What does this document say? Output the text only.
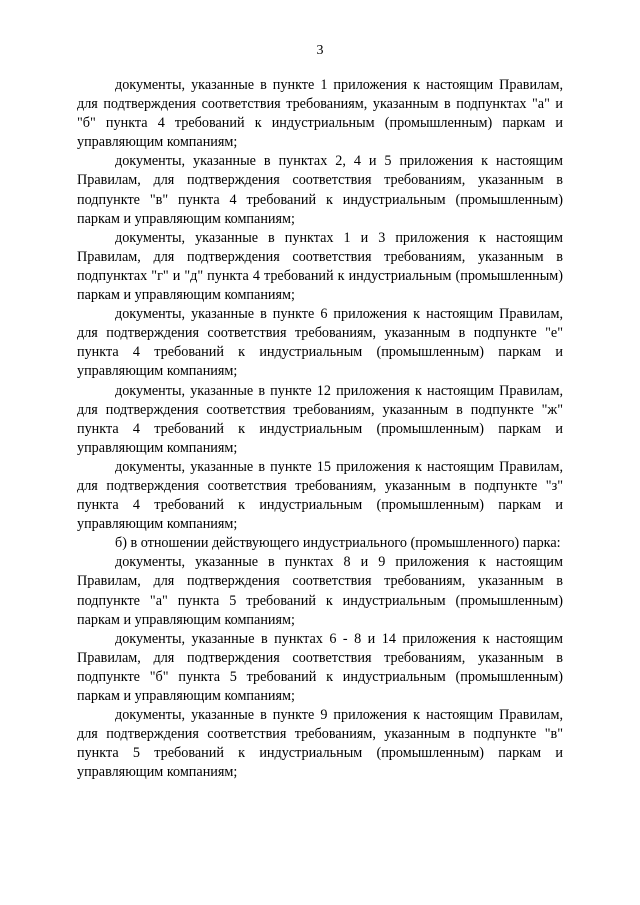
3

документы, указанные в пункте 1 приложения к настоящим Правилам, для подтверждения соответствия требованиям, указанным в подпунктах "а" и "б" пункта 4 требований к индустриальным (промышленным) паркам и управляющим компаниям;

документы, указанные в пунктах 2, 4 и 5 приложения к настоящим Правилам, для подтверждения соответствия требованиям, указанным в подпункте "в" пункта 4 требований к индустриальным (промышленным) паркам и управляющим компаниям;

документы, указанные в пунктах 1 и 3 приложения к настоящим Правилам, для подтверждения соответствия требованиям, указанным в подпунктах "г" и "д" пункта 4 требований к индустриальным (промышленным) паркам и управляющим компаниям;

документы, указанные в пункте 6 приложения к настоящим Правилам, для подтверждения соответствия требованиям, указанным в подпункте "е" пункта 4 требований к индустриальным (промышленным) паркам и управляющим компаниям;

документы, указанные в пункте 12 приложения к настоящим Правилам, для подтверждения соответствия требованиям, указанным в подпункте "ж" пункта 4 требований к индустриальным (промышленным) паркам и управляющим компаниям;

документы, указанные в пункте 15 приложения к настоящим Правилам, для подтверждения соответствия требованиям, указанным в подпункте "з" пункта 4 требований к индустриальным (промышленным) паркам и управляющим компаниям;

б) в отношении действующего индустриального (промышленного) парка:

документы, указанные в пунктах 8 и 9 приложения к настоящим Правилам, для подтверждения соответствия требованиям, указанным в подпункте "а" пункта 5 требований к индустриальным (промышленным) паркам и управляющим компаниям;

документы, указанные в пунктах 6 - 8 и 14 приложения к настоящим Правилам, для подтверждения соответствия требованиям, указанным в подпункте "б" пункта 5 требований к индустриальным (промышленным) паркам и управляющим компаниям;

документы, указанные в пункте 9 приложения к настоящим Правилам, для подтверждения соответствия требованиям, указанным в подпункте "в" пункта 5 требований к индустриальным (промышленным) паркам и управляющим компаниям;
